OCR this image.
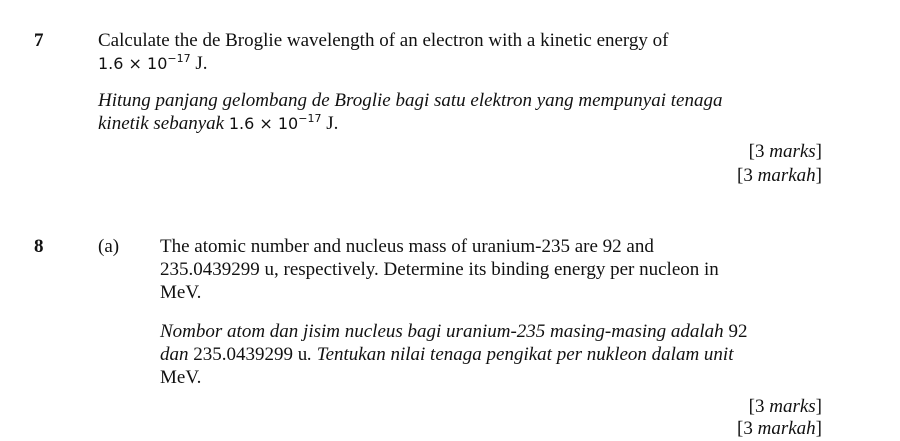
7	Calculate the de Broglie wavelength of an electron with a kinetic energy of
$1.6 \times 10^{-17}$ J.
Hitung panjang gelombang de Broglie bagi satu elektron yang mempunyai tenaga
kinetik sebanyak $1.6 \times 10^{-17}$ J.
[3 marks]
[3 markah]
8	(a) The atomic number and nucleus mass of uranium-235 are 92 and
235.0439299 u, respectively. Determine its binding energy per nucleon in
MeV.
Nombor atom dan jisim nucleus bagi uranium-235 masing-masing adalah 92
dan 235.0439299 u. Tentukan nilai tenaga pengikat per nukleon dalam unit
MeV.
[3 marks]
[3 markah]
